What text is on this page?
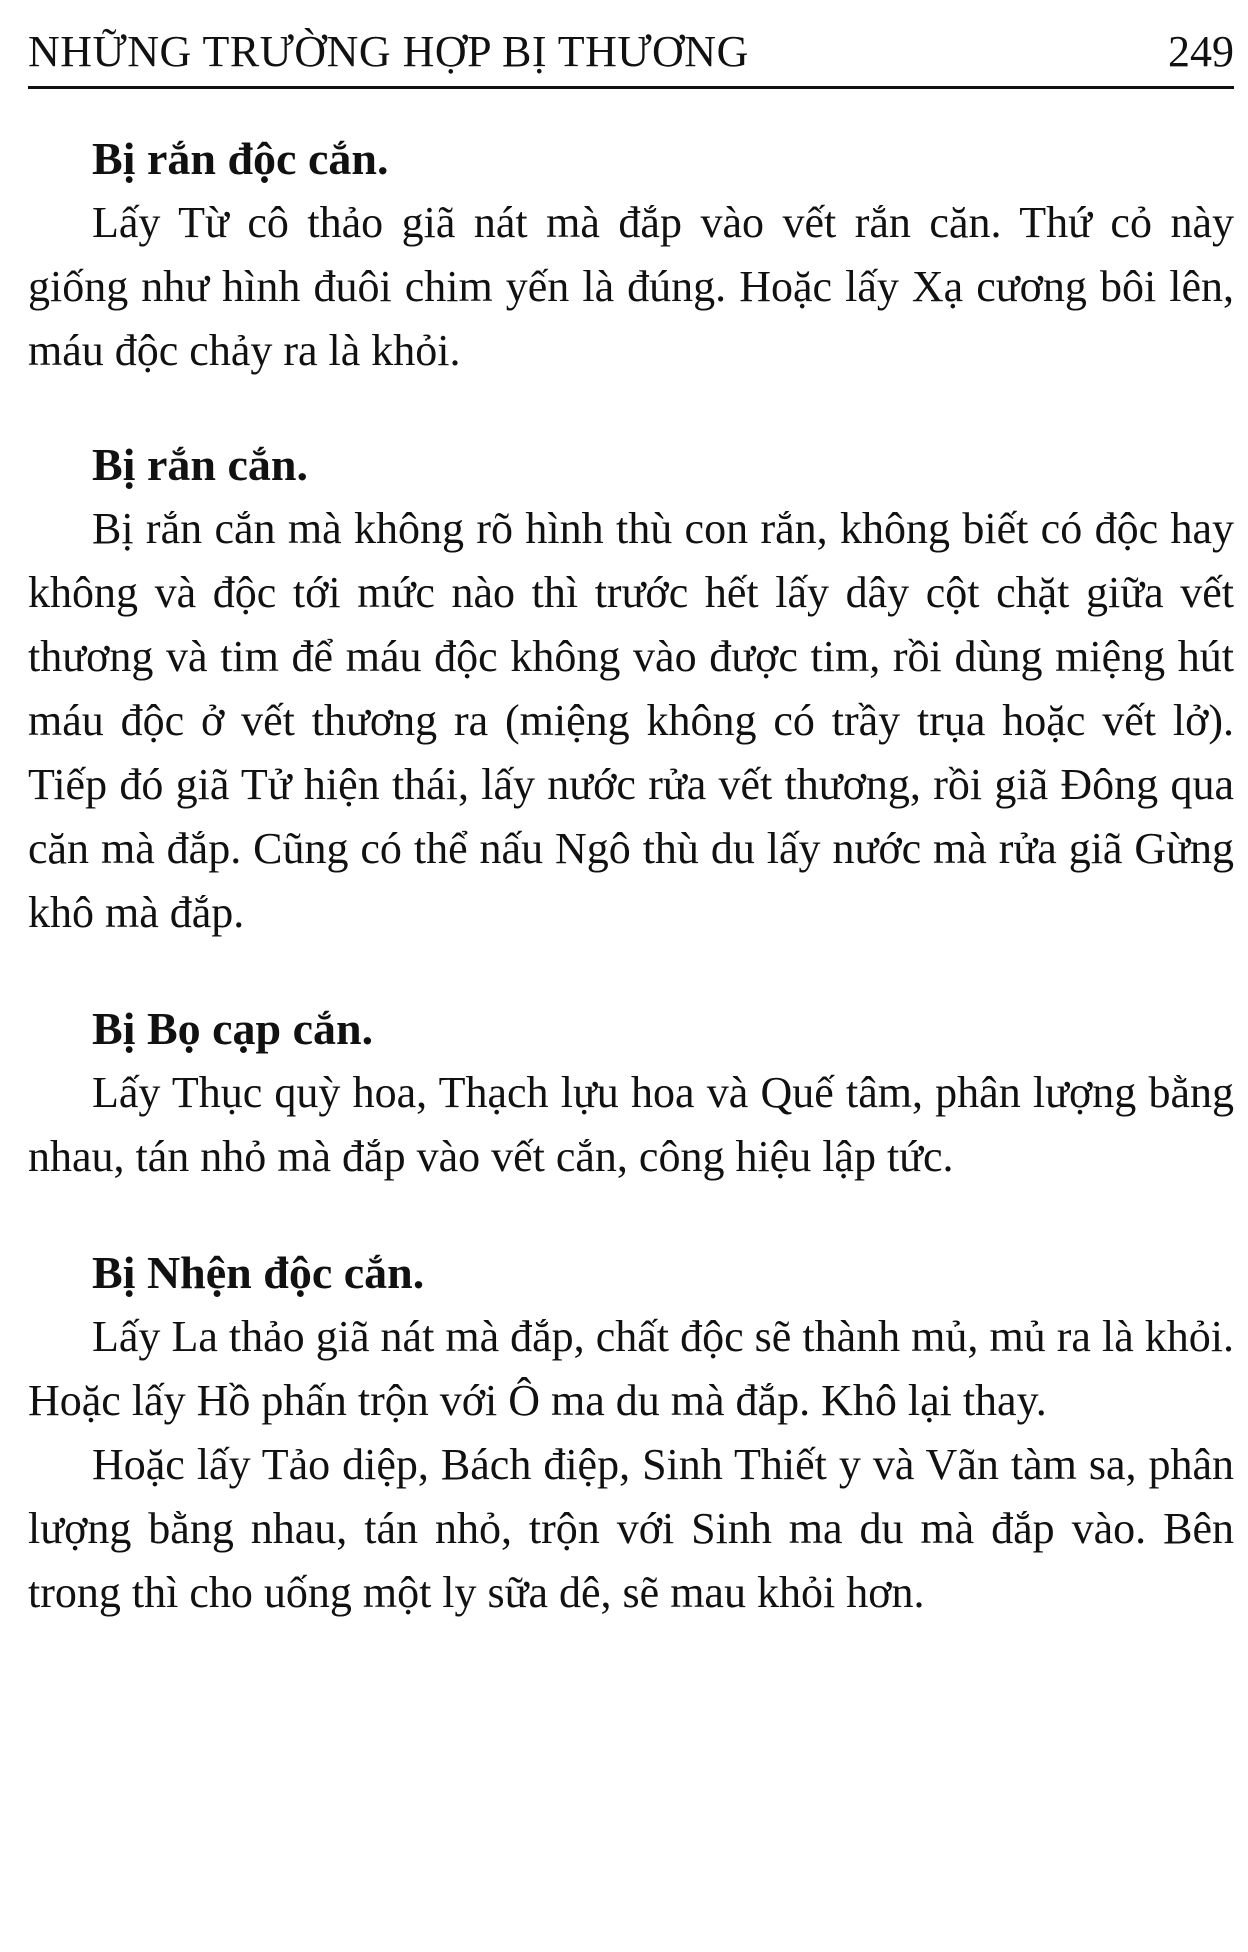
NHỮNG TRƯỜNG HỢP BỊ THƯƠNG	249
Bị rắn độc cắn.

Lấy Từ cô thảo giã nát mà đắp vào vết rắn căn. Thứ cỏ này giống như hình đuôi chim yến là đúng. Hoặc lấy Xạ cương bôi lên, máu độc chảy ra là khỏi.

Bị rắn cắn.

Bị rắn cắn mà không rõ hình thù con rắn, không biết có độc hay không và độc tới mức nào thì trước hết lấy dây cột chặt giữa vết thương và tim để máu độc không vào được tim, rồi dùng miệng hút máu độc ở vết thương ra (miệng không có trầy trụa hoặc vết lở). Tiếp đó giã Tử hiện thái, lấy nước rửa vết thương, rồi giã Đông qua căn mà đắp. Cũng có thể nấu Ngô thù du lấy nước mà rửa giã Gừng khô mà đắp.

Bị Bọ cạp cắn.

Lấy Thục quỳ hoa, Thạch lựu hoa và Quế tâm, phân lượng bằng nhau, tán nhỏ mà đắp vào vết cắn, công hiệu lập tức.

Bị Nhện độc cắn.

Lấy La thảo giã nát mà đắp, chất độc sẽ thành mủ, mủ ra là khỏi. Hoặc lấy Hồ phấn trộn với Ô ma du mà đắp. Khô lại thay.

Hoặc lấy Tảo diệp, Bách điệp, Sinh Thiết y và Vãn tàm sa, phân lượng bằng nhau, tán nhỏ, trộn với Sinh ma du mà đắp vào. Bên trong thì cho uống một ly sữa dê, sẽ mau khỏi hơn.
